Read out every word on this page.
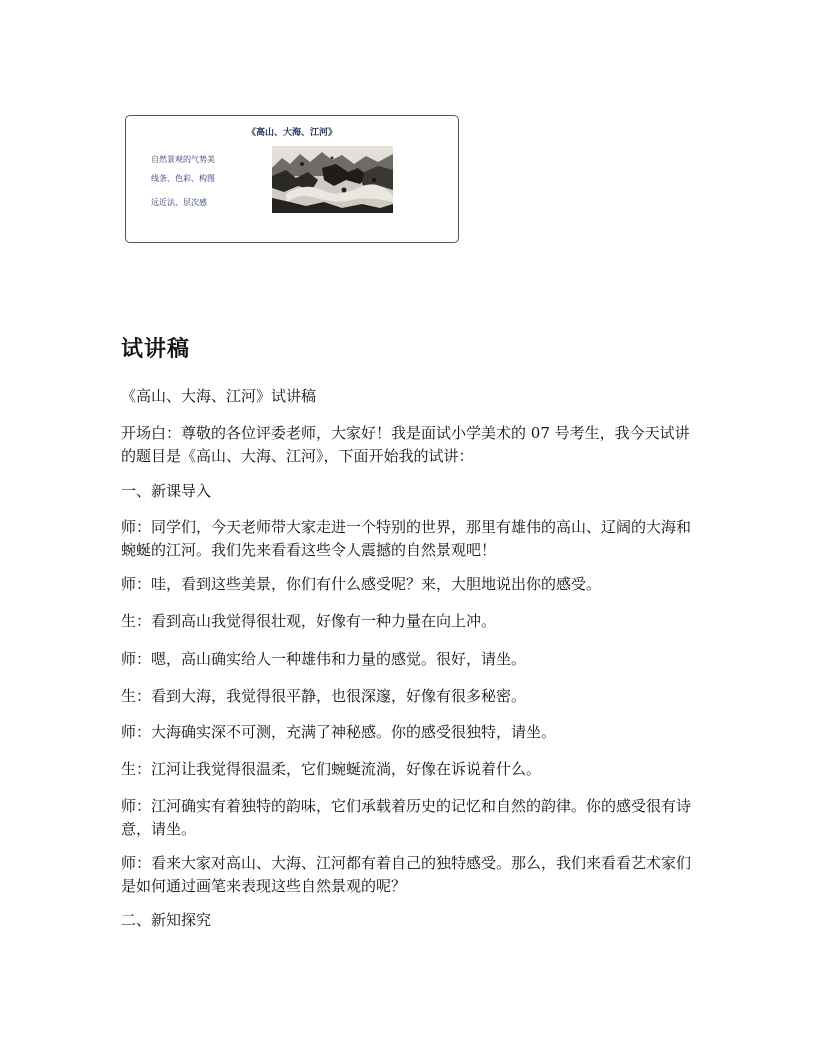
《高山、大海、江河》
自然景观的气势美
线条、色彩、构图
远近法、层次感
试讲稿

《高山、大海、江河》试讲稿

开场白：尊敬的各位评委老师，大家好！我是面试小学美术的 07 号考生，我今天试讲的题目是《高山、大海、江河》，下面开始我的试讲：

一、新课导入

师：同学们，今天老师带大家走进一个特别的世界，那里有雄伟的高山、辽阔的大海和蜿蜒的江河。我们先来看看这些令人震撼的自然景观吧！

师：哇，看到这些美景，你们有什么感受呢？来，大胆地说出你的感受。

生：看到高山我觉得很壮观，好像有一种力量在向上冲。

师：嗯，高山确实给人一种雄伟和力量的感觉。很好，请坐。

生：看到大海，我觉得很平静，也很深邃，好像有很多秘密。

师：大海确实深不可测，充满了神秘感。你的感受很独特，请坐。

生：江河让我觉得很温柔，它们蜿蜒流淌，好像在诉说着什么。

师：江河确实有着独特的韵味，它们承载着历史的记忆和自然的韵律。你的感受很有诗意，请坐。

师：看来大家对高山、大海、江河都有着自己的独特感受。那么，我们来看看艺术家们是如何通过画笔来表现这些自然景观的呢？

二、新知探究
